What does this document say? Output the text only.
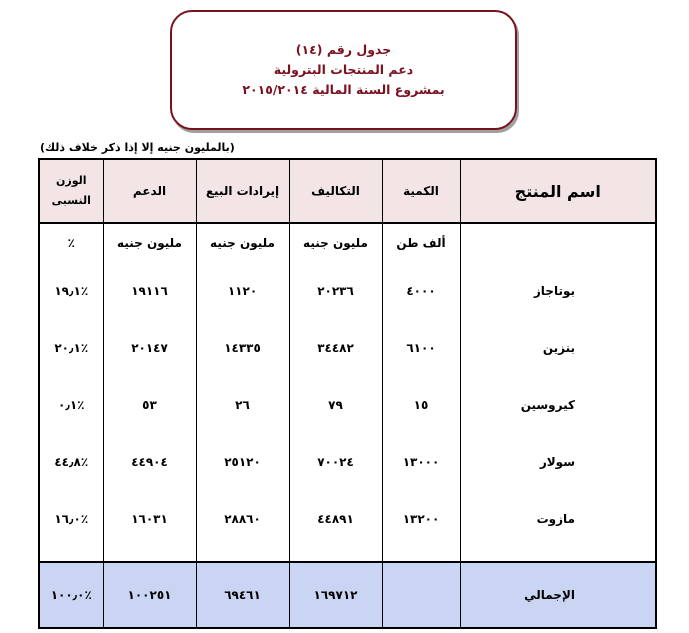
جدول رقم (١٤)
دعم المنتجات البترولية
بمشروع السنة المالية ٢٠١٥/٢٠١٤
(بالمليون جنيه إلا إذا ذكر خلاف ذلك)
اسم المنتج	الكمية	التكاليف	إيرادات البيع	الدعم	الوزن
النسبى

	ألف طن	مليون جنيه	مليون جنيه	مليون جنيه	٪
بوتاجاز	٤٠٠٠	٢٠٢٣٦	١١٢٠	١٩١١٦	٪١٩٫١
بنزين	٦١٠٠	٣٤٤٨٢	١٤٣٣٥	٢٠١٤٧	٪٢٠٫١
كيروسين	١٥	٧٩	٢٦	٥٣	٪٠٫١
سولار	١٣٠٠٠	٧٠٠٢٤	٢٥١٢٠	٤٤٩٠٤	٪٤٤٫٨
مازوت	١٣٢٠٠	٤٤٨٩١	٢٨٨٦٠	١٦٠٣١	٪١٦٫٠

الإجمالي		١٦٩٧١٢	٦٩٤٦١	١٠٠٢٥١	٪١٠٠٫٠
